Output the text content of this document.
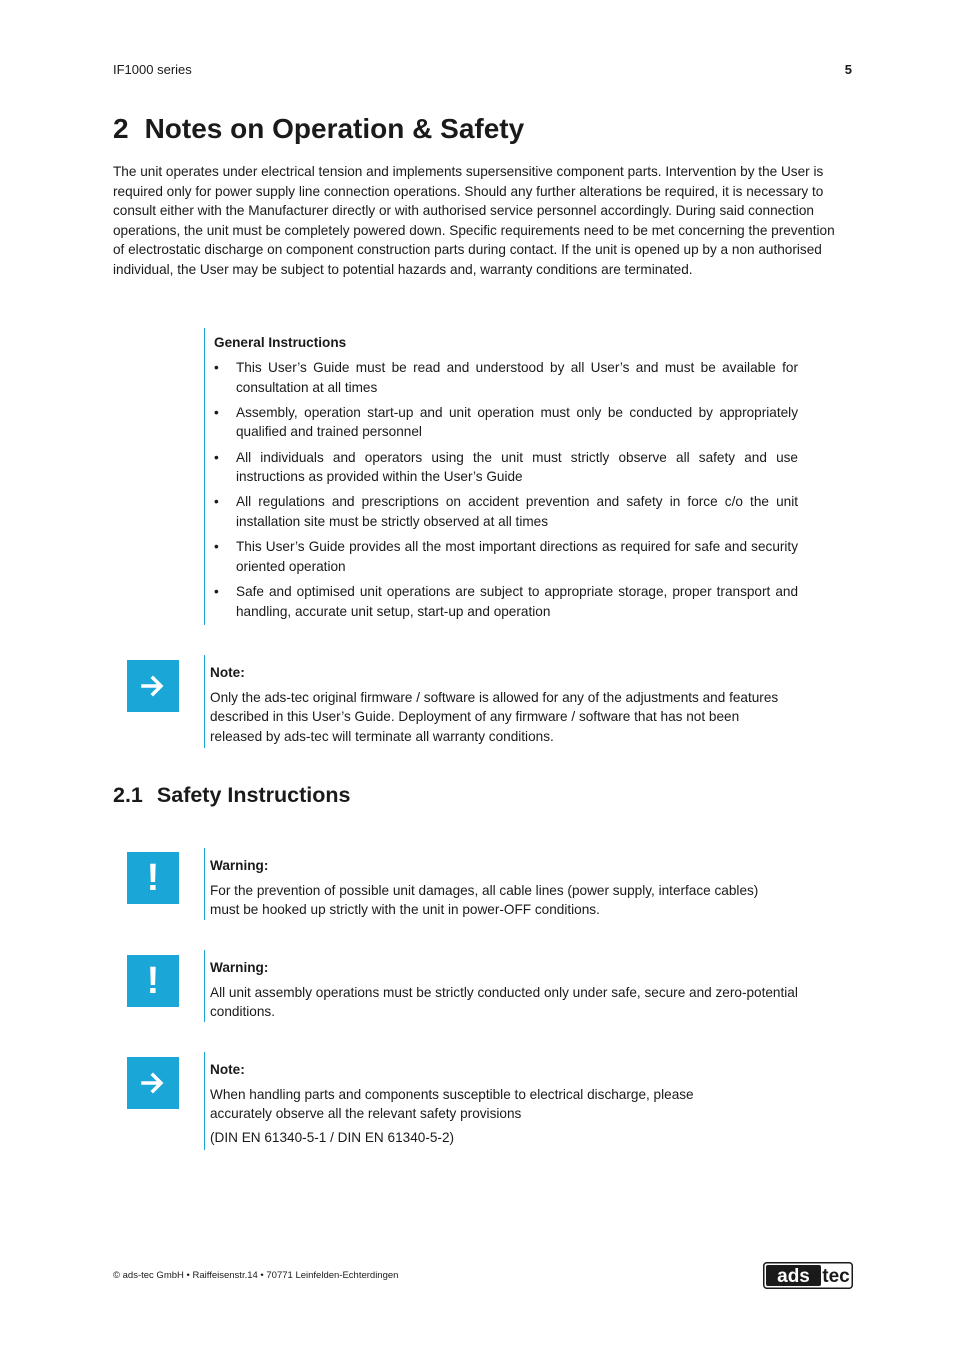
IF1000 series	5
2 Notes on Operation & Safety

The unit operates under electrical tension and implements supersensitive component parts. Intervention by the User is required only for power supply line connection operations. Should any further alterations be required, it is necessary to consult either with the Manufacturer directly or with authorised service personnel accordingly. During said connection operations, the unit must be completely powered down. Specific requirements need to be met concerning the prevention of electrostatic discharge on component construction parts during contact. If the unit is opened up by a non authorised individual, the User may be subject to potential hazards and, warranty conditions are terminated.

General Instructions
• This User’s Guide must be read and understood by all User’s and must be available for consultation at all times
• Assembly, operation start-up and unit operation must only be conducted by appropriately qualified and trained personnel
• All individuals and operators using the unit must strictly observe all safety and use instructions as provided within the User’s Guide
• All regulations and prescriptions on accident prevention and safety in force c/o the unit installation site must be strictly observed at all times
• This User’s Guide provides all the most important directions as required for safe and security oriented operation
• Safe and optimised unit operations are subject to appropriate storage, proper transport and handling, accurate unit setup, start-up and operation
Note:
Only the ads-tec original firmware / software is allowed for any of the adjustments and features described in this User’s Guide. Deployment of any firmware / software that has not been released by ads-tec will terminate all warranty conditions.
2.1 Safety Instructions
!	Warning:
For the prevention of possible unit damages, all cable lines (power supply, interface cables) must be hooked up strictly with the unit in power-OFF conditions.
!	Warning:
All unit assembly operations must be strictly conducted only under safe, secure and zero-potential conditions.
Note:
When handling parts and components susceptible to electrical discharge, please accurately observe all the relevant safety provisions
(DIN EN 61340-5-1 / DIN EN 61340-5-2)
© ads-tec GmbH • Raiffeisenstr.14 • 70771 Leinfelden-Echterdingen	ads tec
